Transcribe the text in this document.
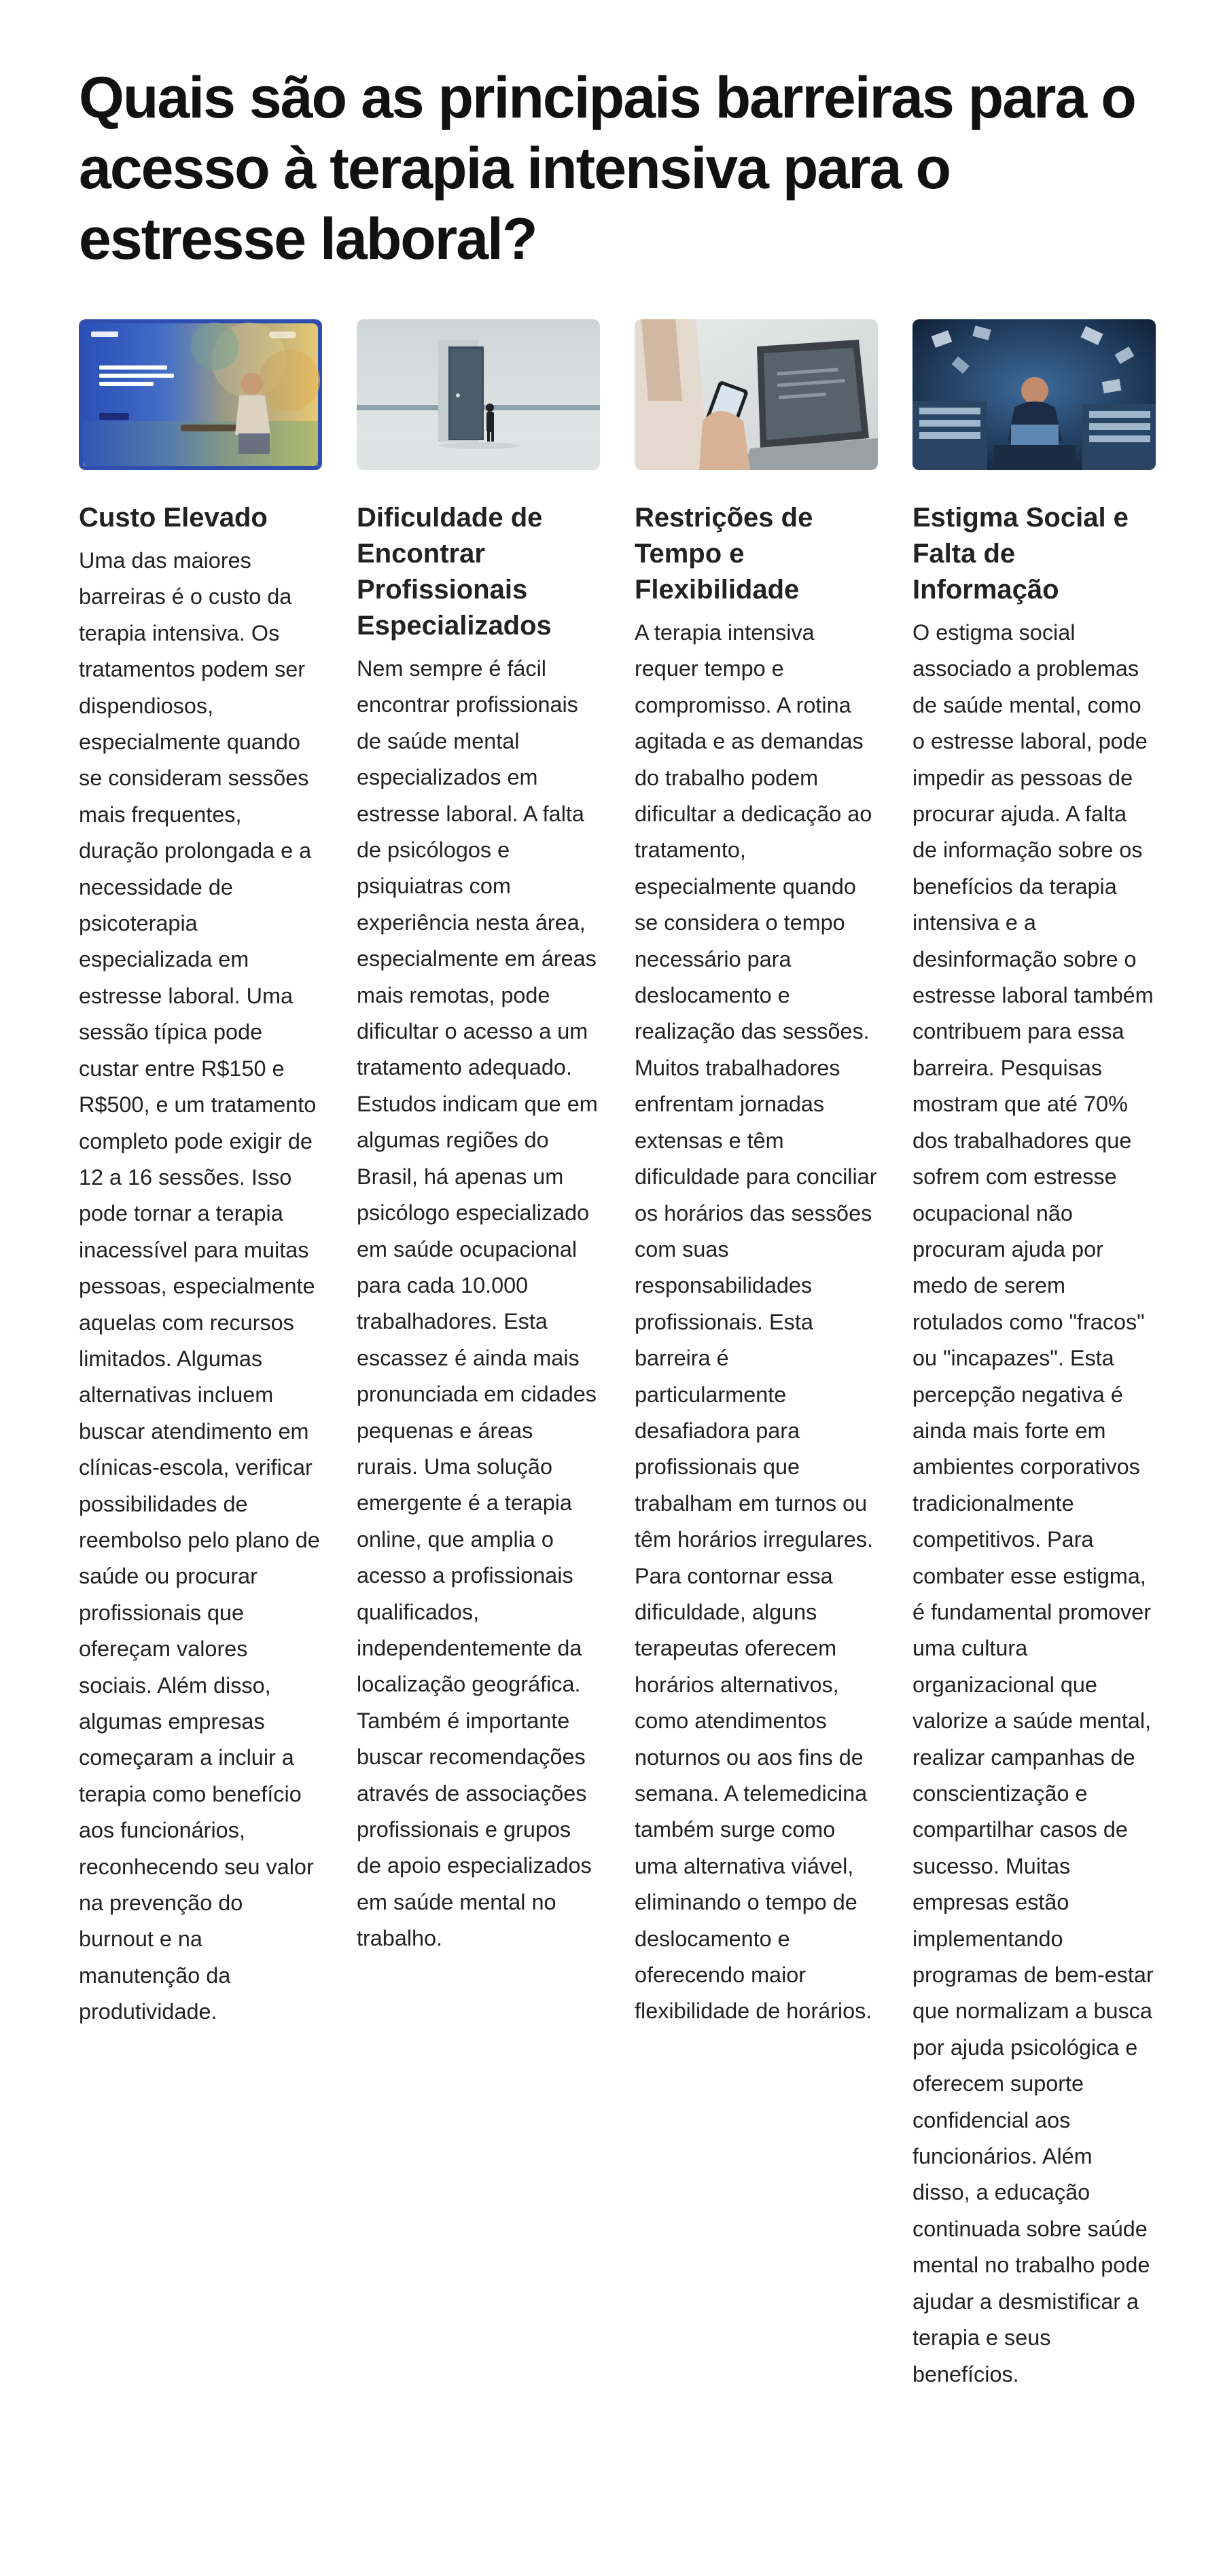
Quais são as principais barreiras para o acesso à terapia intensiva para o estresse laboral?
Custo Elevado

Uma das maiores barreiras é o custo da terapia intensiva. Os tratamentos podem ser dispendiosos, especialmente quando se consideram sessões mais frequentes, duração prolongada e a necessidade de psicoterapia especializada em estresse laboral. Uma sessão típica pode custar entre R$150 e R$500, e um tratamento completo pode exigir de 12 a 16 sessões. Isso pode tornar a terapia inacessível para muitas pessoas, especialmente aquelas com recursos limitados. Algumas alternativas incluem buscar atendimento em clínicas-escola, verificar possibilidades de reembolso pelo plano de saúde ou procurar profissionais que ofereçam valores sociais. Além disso, algumas empresas começaram a incluir a terapia como benefício aos funcionários, reconhecendo seu valor na prevenção do burnout e na manutenção da produtividade.

Dificuldade de Encontrar Profissionais Especializados

Nem sempre é fácil encontrar profissionais de saúde mental especializados em estresse laboral. A falta de psicólogos e psiquiatras com experiência nesta área, especialmente em áreas mais remotas, pode dificultar o acesso a um tratamento adequado. Estudos indicam que em algumas regiões do Brasil, há apenas um psicólogo especializado em saúde ocupacional para cada 10.000 trabalhadores. Esta escassez é ainda mais pronunciada em cidades pequenas e áreas rurais. Uma solução emergente é a terapia online, que amplia o acesso a profissionais qualificados, independentemente da localização geográfica. Também é importante buscar recomendações através de associações profissionais e grupos de apoio especializados em saúde mental no trabalho.

Restrições de Tempo e Flexibilidade

A terapia intensiva requer tempo e compromisso. A rotina agitada e as demandas do trabalho podem dificultar a dedicação ao tratamento, especialmente quando se considera o tempo necessário para deslocamento e realização das sessões. Muitos trabalhadores enfrentam jornadas extensas e têm dificuldade para conciliar os horários das sessões com suas responsabilidades profissionais. Esta barreira é particularmente desafiadora para profissionais que trabalham em turnos ou têm horários irregulares. Para contornar essa dificuldade, alguns terapeutas oferecem horários alternativos, como atendimentos noturnos ou aos fins de semana. A telemedicina também surge como uma alternativa viável, eliminando o tempo de deslocamento e oferecendo maior flexibilidade de horários.

Estigma Social e Falta de Informação

O estigma social associado a problemas de saúde mental, como o estresse laboral, pode impedir as pessoas de procurar ajuda. A falta de informação sobre os benefícios da terapia intensiva e a desinformação sobre o estresse laboral também contribuem para essa barreira. Pesquisas mostram que até 70% dos trabalhadores que sofrem com estresse ocupacional não procuram ajuda por medo de serem rotulados como "fracos" ou "incapazes". Esta percepção negativa é ainda mais forte em ambientes corporativos tradicionalmente competitivos. Para combater esse estigma, é fundamental promover uma cultura organizacional que valorize a saúde mental, realizar campanhas de conscientização e compartilhar casos de sucesso. Muitas empresas estão implementando programas de bem-estar que normalizam a busca por ajuda psicológica e oferecem suporte confidencial aos funcionários. Além disso, a educação continuada sobre saúde mental no trabalho pode ajudar a desmistificar a terapia e seus benefícios.
